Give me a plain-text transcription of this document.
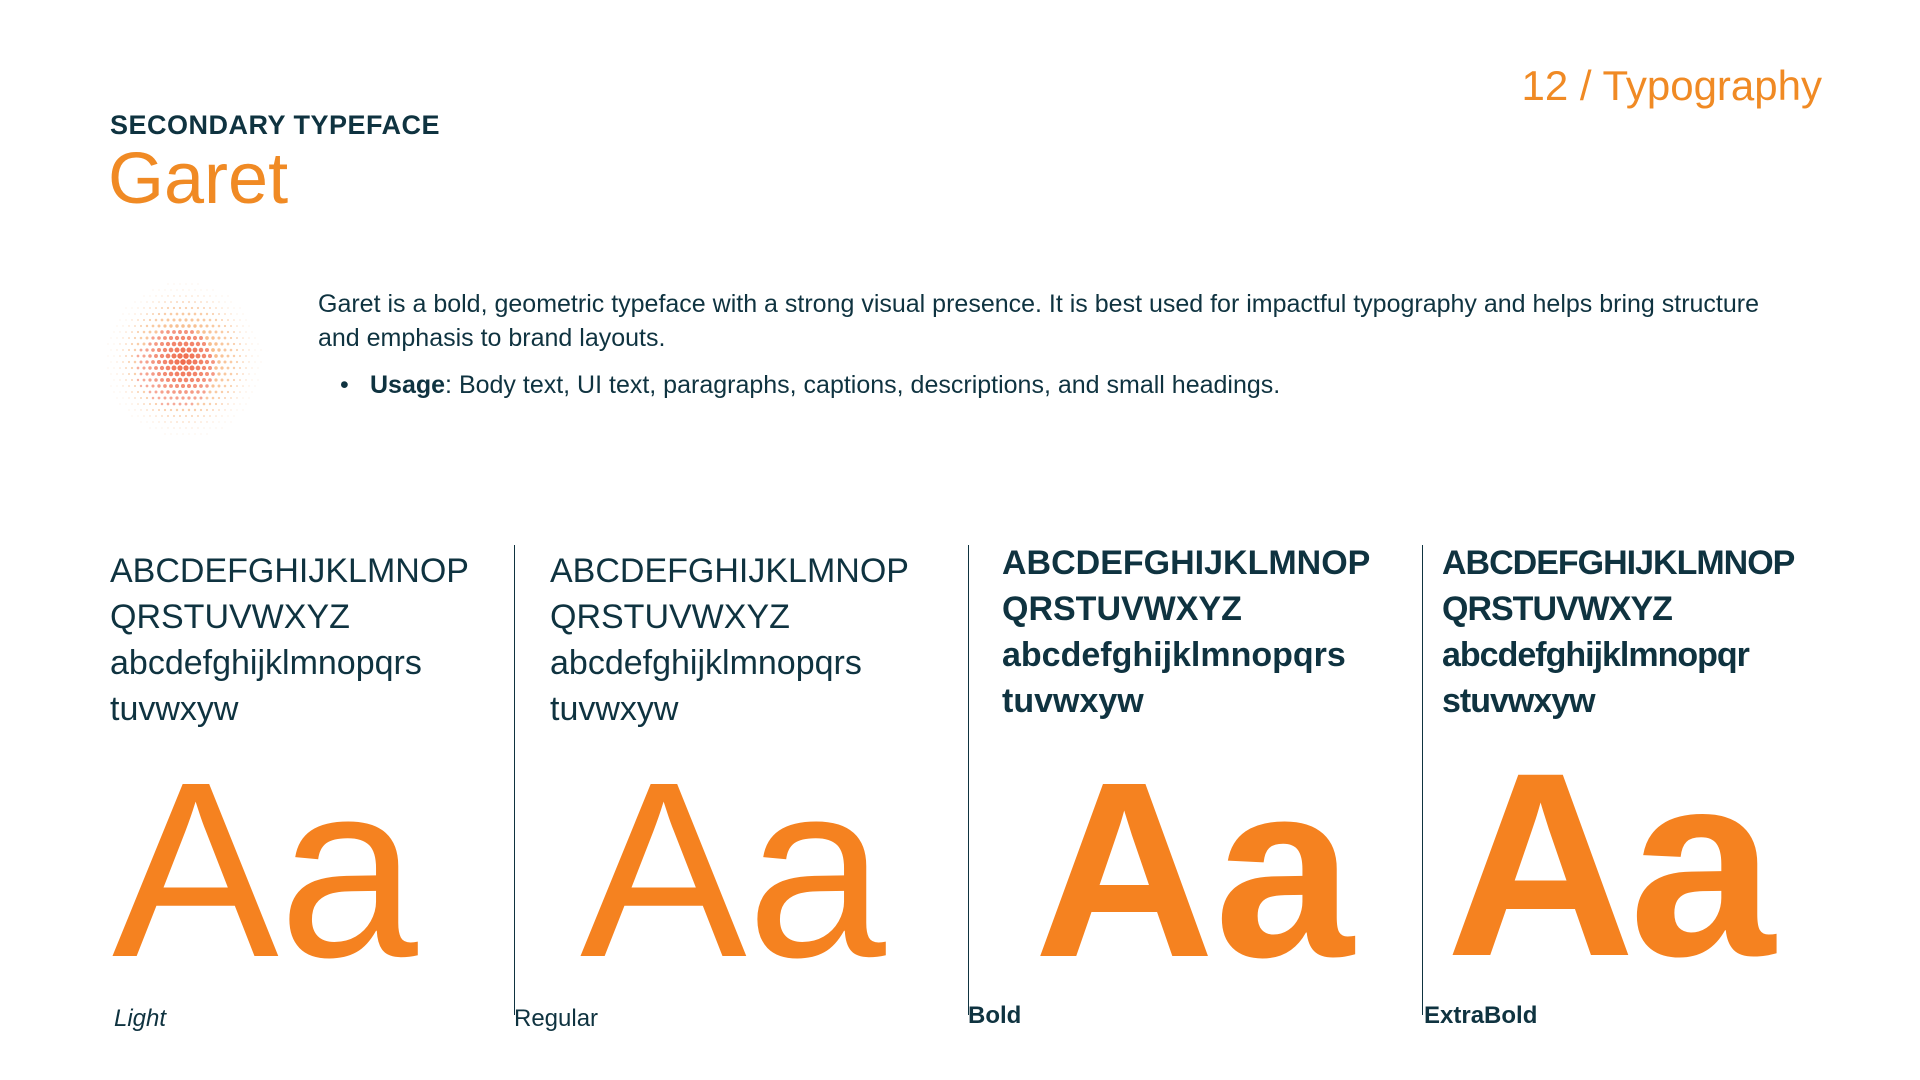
12 / Typography
SECONDARY TYPEFACE
Garet
Garet is a bold, geometric typeface with a strong visual presence. It is best used for impactful typography and helps bring structure and emphasis to brand layouts.
• Usage: Body text, UI text, paragraphs, captions, descriptions, and small headings.
ABCDEFGHIJKLMNOP
QRSTUVWXYZ
abcdefghijklmnopqrs
tuvwxyw
Aa
Light
ABCDEFGHIJKLMNOP
QRSTUVWXYZ
abcdefghijklmnopqrs
tuvwxyw
Aa
Regular
ABCDEFGHIJKLMNOP
QRSTUVWXYZ
abcdefghijklmnopqrs
tuvwxyw
Aa
Bold
ABCDEFGHIJKLMNOP
QRSTUVWXYZ
abcdefghijklmnopqr
stuvwxyw
Aa
ExtraBold
